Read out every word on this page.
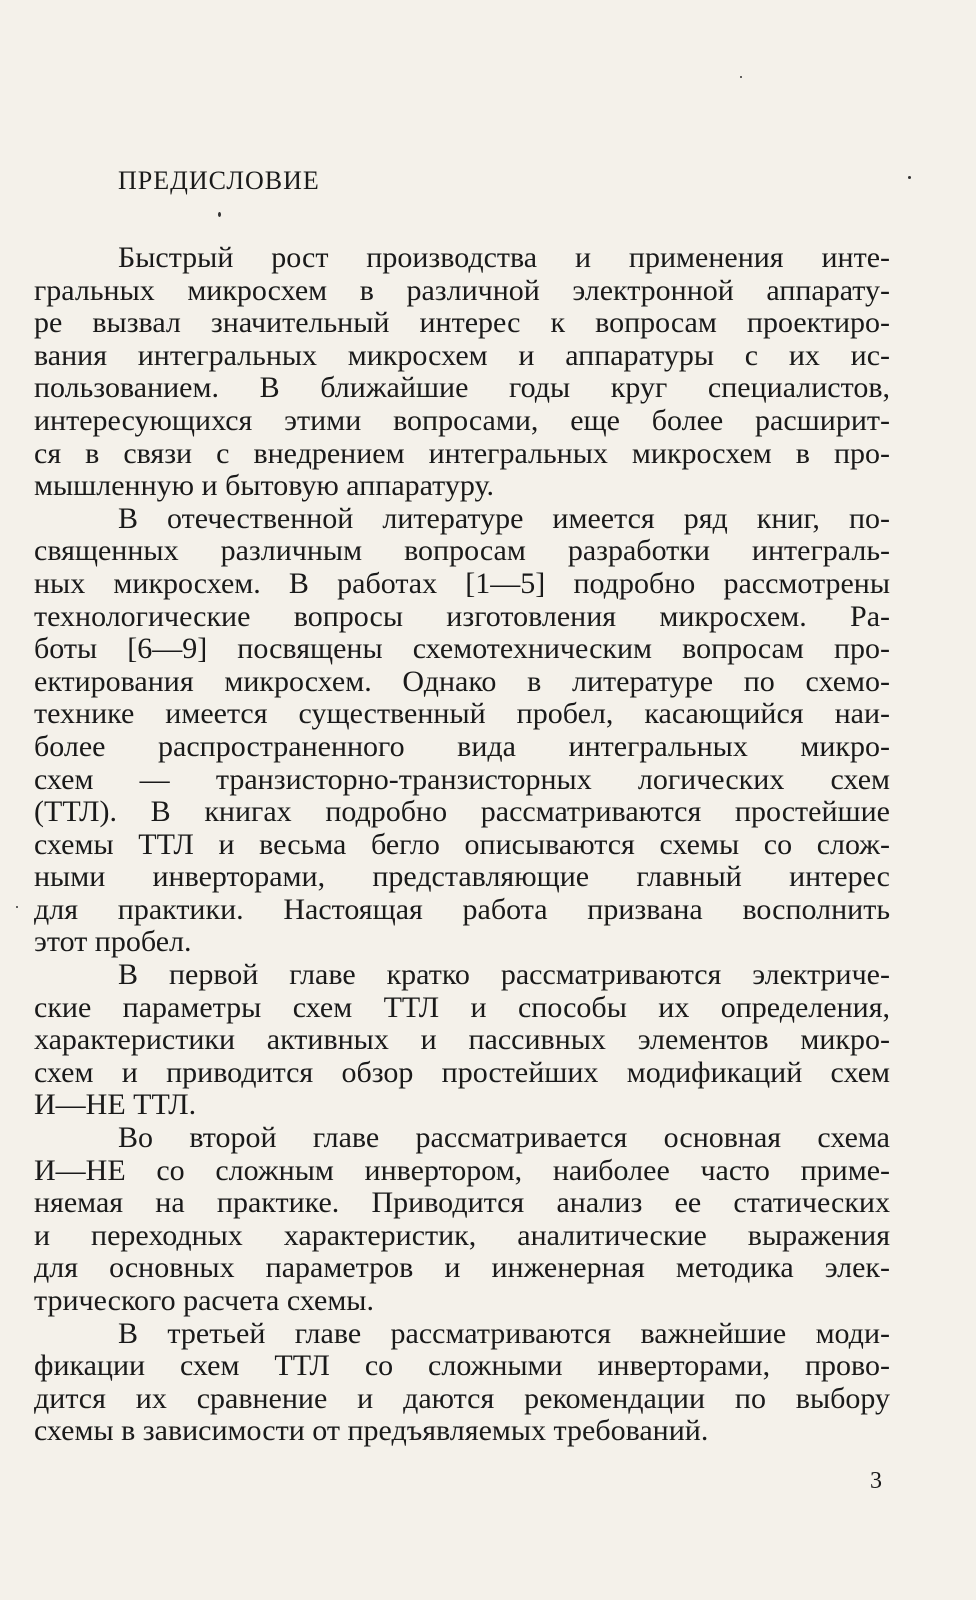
ПРЕДИСЛОВИЕ

Быстрый рост производства и применения инте-
гральных микросхем в различной электронной аппарату-
ре вызвал значительный интерес к вопросам проектиро-
вания интегральных микросхем и аппаратуры с их ис-
пользованием. В ближайшие годы круг специалистов,
интересующихся этими вопросами, еще более расширит-
ся в связи с внедрением интегральных микросхем в про-
мышленную и бытовую аппаратуру.

В отечественной литературе имеется ряд книг, по-
священных различным вопросам разработки интеграль-
ных микросхем. В работах [1—5] подробно рассмотрены
технологические вопросы изготовления микросхем. Ра-
боты [6—9] посвящены схемотехническим вопросам про-
ектирования микросхем. Однако в литературе по схемо-
технике имеется существенный пробел, касающийся наи-
более распространенного вида интегральных микро-
схем — транзисторно-транзисторных логических схем
(ТТЛ). В книгах подробно рассматриваются простейшие
схемы ТТЛ и весьма бегло описываются схемы со слож-
ными инверторами, представляющие главный интерес
для практики. Настоящая работа призвана восполнить
этот пробел.

В первой главе кратко рассматриваются электриче-
ские параметры схем ТТЛ и способы их определения,
характеристики активных и пассивных элементов микро-
схем и приводится обзор простейших модификаций схем
И—НЕ ТТЛ.

Во второй главе рассматривается основная схема
И—НЕ со сложным инвертором, наиболее часто приме-
няемая на практике. Приводится анализ ее статических
и переходных характеристик, аналитические выражения
для основных параметров и инженерная методика элек-
трического расчета схемы.

В третьей главе рассматриваются важнейшие моди-
фикации схем ТТЛ со сложными инверторами, прово-
дится их сравнение и даются рекомендации по выбору
схемы в зависимости от предъявляемых требований.

3
